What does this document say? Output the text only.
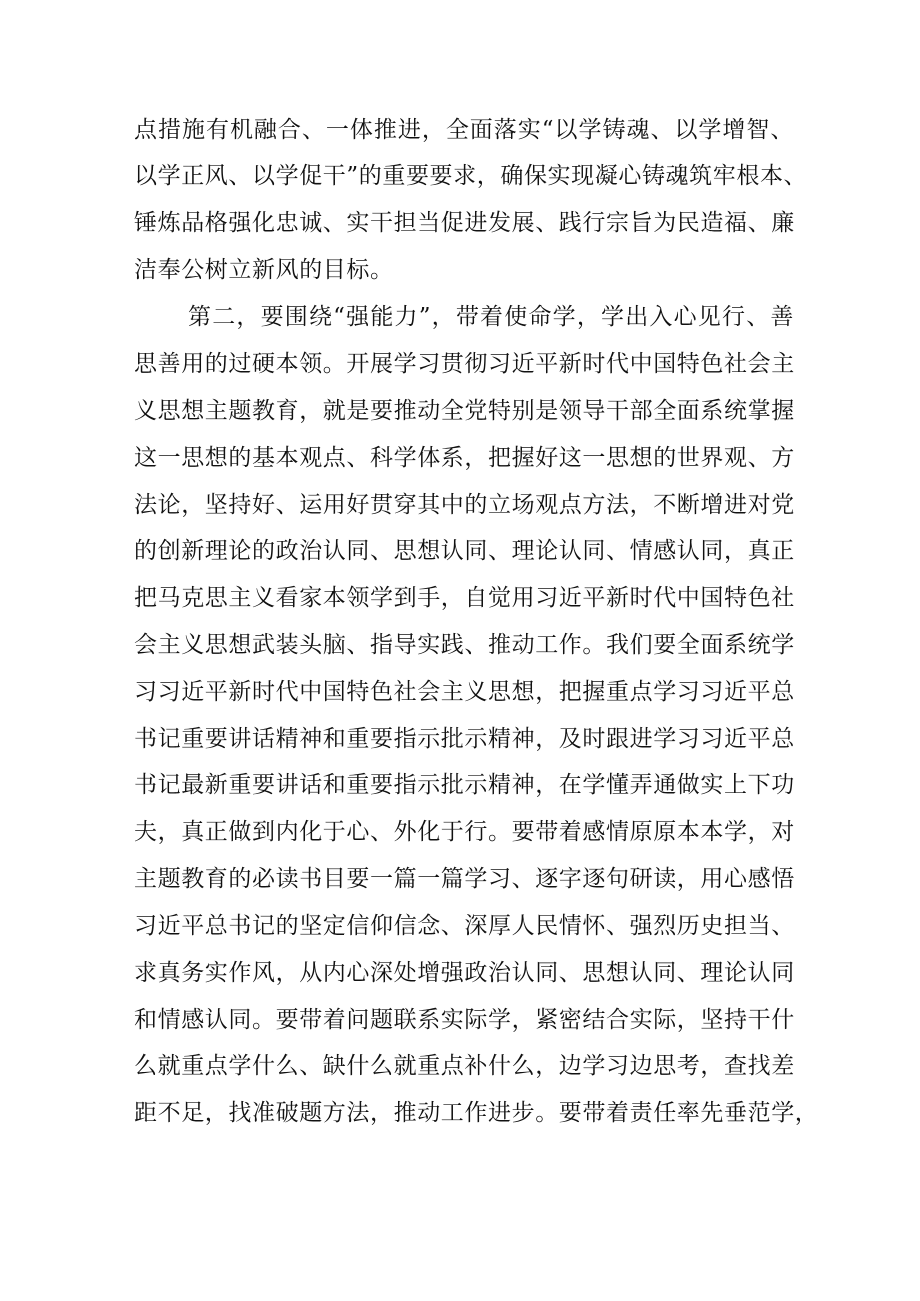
点措施有机融合、一体推进，全面落实“以学铸魂、以学增智、
以学正风、以学促干”的重要要求，确保实现凝心铸魂筑牢根本、
锤炼品格强化忠诚、实干担当促进发展、践行宗旨为民造福、廉
洁奉公树立新风的目标。
第二，要围绕“强能力”，带着使命学，学出入心见行、善
思善用的过硬本领。开展学习贯彻习近平新时代中国特色社会主
义思想主题教育，就是要推动全党特别是领导干部全面系统掌握
这一思想的基本观点、科学体系，把握好这一思想的世界观、方
法论，坚持好、运用好贯穿其中的立场观点方法，不断增进对党
的创新理论的政治认同、思想认同、理论认同、情感认同，真正
把马克思主义看家本领学到手，自觉用习近平新时代中国特色社
会主义思想武装头脑、指导实践、推动工作。我们要全面系统学
习习近平新时代中国特色社会主义思想，把握重点学习习近平总
书记重要讲话精神和重要指示批示精神，及时跟进学习习近平总
书记最新重要讲话和重要指示批示精神，在学懂弄通做实上下功
夫，真正做到内化于心、外化于行。要带着感情原原本本学，对
主题教育的必读书目要一篇一篇学习、逐字逐句研读，用心感悟
习近平总书记的坚定信仰信念、深厚人民情怀、强烈历史担当、
求真务实作风，从内心深处增强政治认同、思想认同、理论认同
和情感认同。要带着问题联系实际学，紧密结合实际，坚持干什
么就重点学什么、缺什么就重点补什么，边学习边思考，查找差
距不足，找准破题方法，推动工作进步。要带着责任率先垂范学，
